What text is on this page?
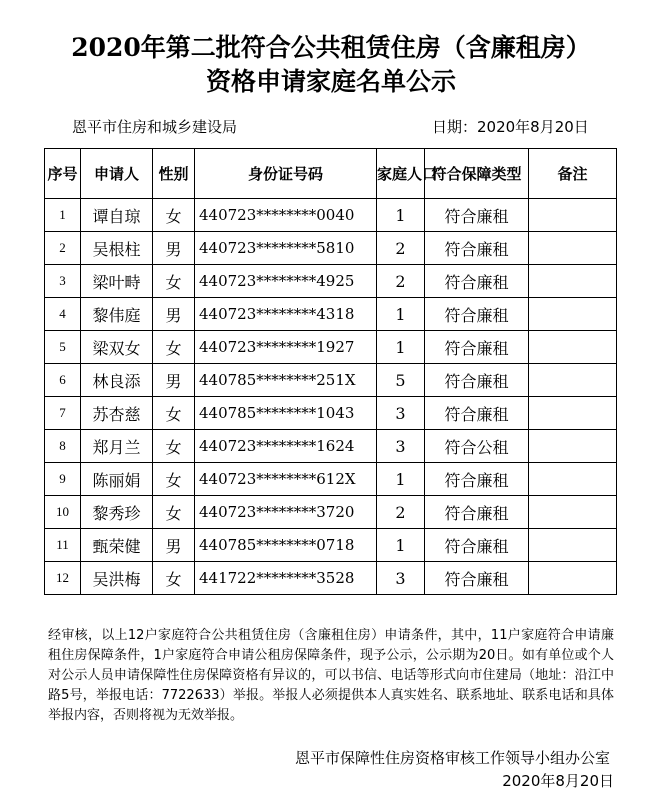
2020年第二批符合公共租赁住房（含廉租房）
资格申请家庭名单公示
恩平市住房和城乡建设局	日期：2020年8月20日
序号	申请人	性别	身份证号码	家庭人口	符合保障类型	备注
1	谭自琼	女	440723********0040	1	符合廉租	
2	吴根柱	男	440723********5810	2	符合廉租	
3	梁叶畤	女	440723********4925	2	符合廉租	
4	黎伟庭	男	440723********4318	1	符合廉租	
5	梁双女	女	440723********1927	1	符合廉租	
6	林良添	男	440785********251X	5	符合廉租	
7	苏杏慈	女	440785********1043	3	符合廉租	
8	郑月兰	女	440723********1624	3	符合公租	
9	陈丽娟	女	440723********612X	1	符合廉租	
10	黎秀珍	女	440723********3720	2	符合廉租	
11	甄荣健	男	440785********0718	1	符合廉租	
12	吴洪梅	女	441722********3528	3	符合廉租	
经审核，以上12户家庭符合公共租赁住房（含廉租住房）申请条件，其中，11户家庭符合申请廉租住房保障条件，1户家庭符合申请公租房保障条件，现予公示，公示期为20日。如有单位或个人对公示人员申请保障性住房保障资格有异议的，可以书信、电话等形式向市住建局（地址：沿江中路5号，举报电话：7722633）举报。举报人必须提供本人真实姓名、联系地址、联系电话和具体举报内容，否则将视为无效举报。
恩平市保障性住房资格审核工作领导小组办公室
2020年8月20日
